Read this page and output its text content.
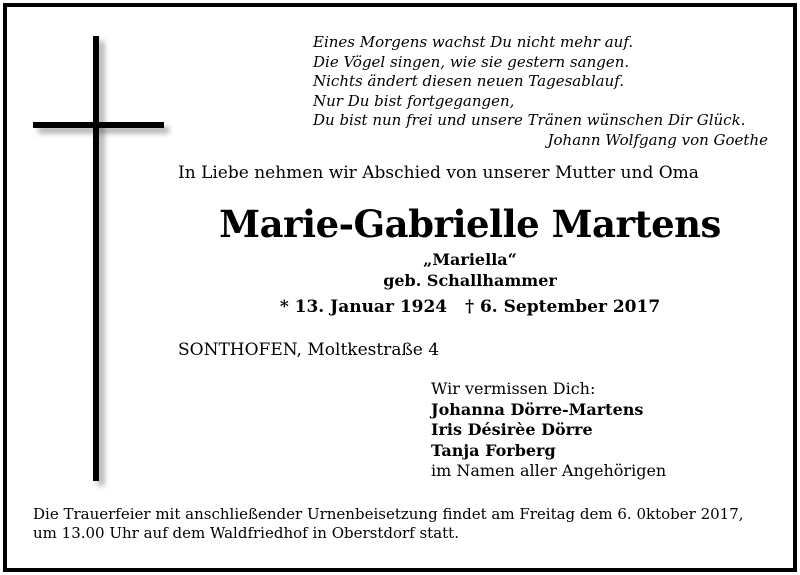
Eines Morgens wachst Du nicht mehr auf.
Die Vögel singen, wie sie gestern sangen.
Nichts ändert diesen neuen Tagesablauf.
Nur Du bist fortgegangen,
Du bist nun frei und unsere Tränen wünschen Dir Glück.
Johann Wolfgang von Goethe
In Liebe nehmen wir Abschied von unserer Mutter und Oma
Marie-Gabrielle Martens
„Mariella“
geb. Schallhammer
* 13. Januar 1924 † 6. September 2017
SONTHOFEN, Moltkestraße 4
Wir vermissen Dich:
Johanna Dörre-Martens
Iris Désirèe Dörre
Tanja Forberg
im Namen aller Angehörigen
Die Trauerfeier mit anschließender Urnenbeisetzung findet am Freitag dem 6. 0ktober 2017,
um 13.00 Uhr auf dem Waldfriedhof in Oberstdorf statt.
